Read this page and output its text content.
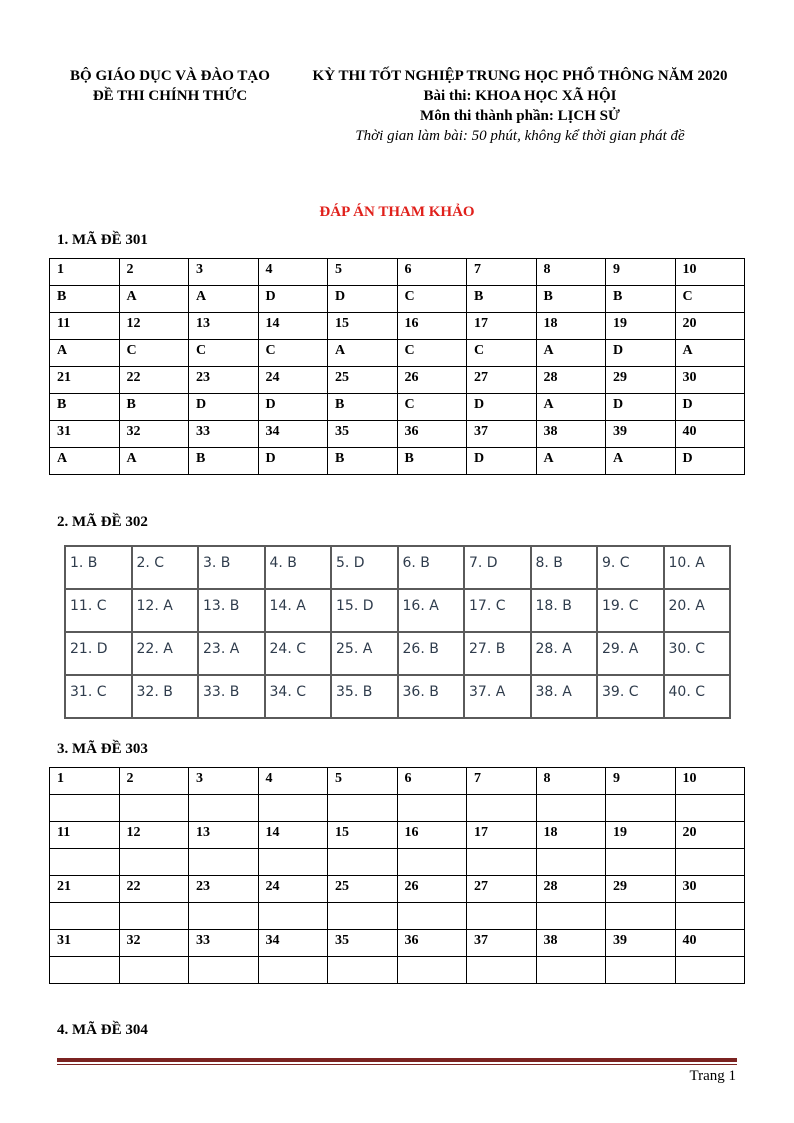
BỘ GIÁO DỤC VÀ ĐÀO TẠO
ĐỀ THI CHÍNH THỨC
KỲ THI TỐT NGHIỆP TRUNG HỌC PHỔ THÔNG NĂM 2020
Bài thi: KHOA HỌC XÃ HỘI
Môn thi thành phần: LỊCH SỬ
Thời gian làm bài: 50 phút, không kể thời gian phát đề
ĐÁP ÁN THAM KHẢO
1. MÃ ĐỀ 301
1	2	3	4	5	6	7	8	9	10
B	A	A	D	D	C	B	B	B	C
11	12	13	14	15	16	17	18	19	20
A	C	C	C	A	C	C	A	D	A
21	22	23	24	25	26	27	28	29	30
B	B	D	D	B	C	D	A	D	D
31	32	33	34	35	36	37	38	39	40
A	A	B	D	B	B	D	A	A	D
2. MÃ ĐỀ 302
1. B	2. C	3. B	4. B	5. D	6. B	7. D	8. B	9. C	10. A
11. C	12. A	13. B	14. A	15. D	16. A	17. C	18. B	19. C	20. A
21. D	22. A	23. A	24. C	25. A	26. B	27. B	28. A	29. A	30. C
31. C	32. B	33. B	34. C	35. B	36. B	37. A	38. A	39. C	40. C
3. MÃ ĐỀ 303
1	2	3	4	5	6	7	8	9	10

11	12	13	14	15	16	17	18	19	20

21	22	23	24	25	26	27	28	29	30

31	32	33	34	35	36	37	38	39	40

4. MÃ ĐỀ 304
Trang 1
